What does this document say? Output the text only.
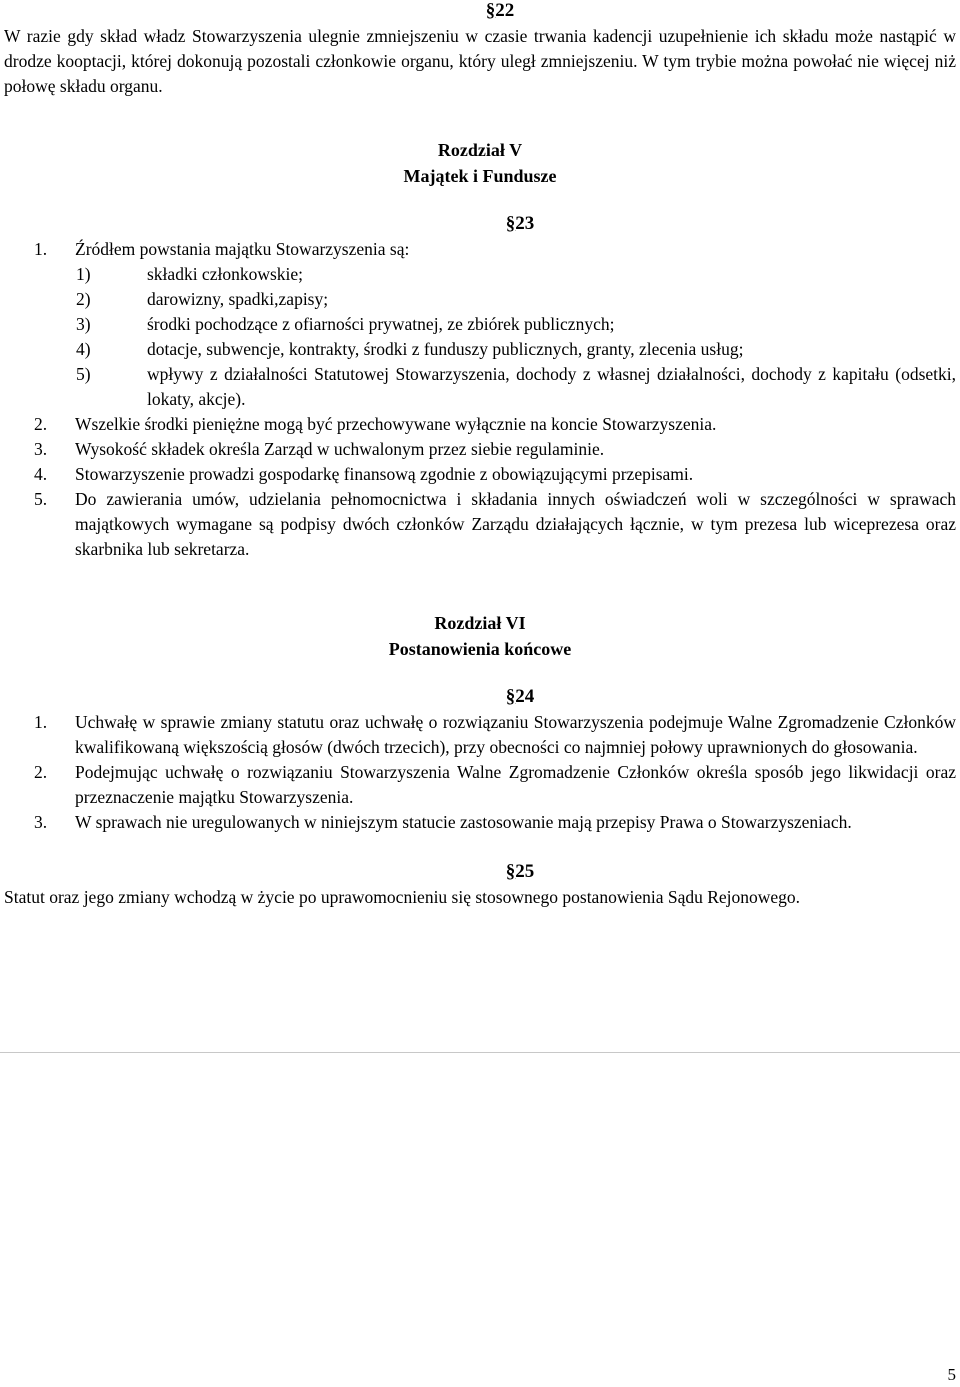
§22
W razie gdy skład władz Stowarzyszenia ulegnie zmniejszeniu w czasie trwania kadencji uzupełnienie ich składu może nastąpić w drodze kooptacji, której dokonują pozostali członkowie organu, który uległ zmniejszeniu. W tym trybie można powołać nie więcej niż połowę składu organu.
Rozdział V
Majątek i Fundusze
§23
1.	Źródłem powstania majątku Stowarzyszenia są:
1)	składki członkowskie;
2)	darowizny, spadki,zapisy;
3)	środki pochodzące z ofiarności prywatnej, ze zbiórek publicznych;
4)	dotacje, subwencje, kontrakty, środki z funduszy publicznych, granty, zlecenia usług;
5)	wpływy z działalności Statutowej Stowarzyszenia, dochody z własnej działalności, dochody z kapitału (odsetki, lokaty, akcje).
2.	Wszelkie środki pieniężne mogą być przechowywane wyłącznie na koncie Stowarzyszenia.
3.	Wysokość składek określa Zarząd w uchwalonym przez siebie regulaminie.
4.	Stowarzyszenie prowadzi gospodarkę finansową zgodnie z obowiązującymi przepisami.
5.	Do zawierania umów, udzielania pełnomocnictwa i składania innych oświadczeń woli w szczególności w sprawach majątkowych wymagane są podpisy dwóch członków Zarządu działających łącznie, w tym prezesa lub wiceprezesa oraz skarbnika lub sekretarza.
Rozdział VI
Postanowienia końcowe
§24
1.	Uchwałę w sprawie zmiany statutu oraz uchwałę o rozwiązaniu Stowarzyszenia podejmuje Walne Zgromadzenie Członków kwalifikowaną większością głosów (dwóch trzecich), przy obecności co najmniej połowy uprawnionych do głosowania.
2.	Podejmując uchwałę o rozwiązaniu Stowarzyszenia Walne Zgromadzenie Członków określa sposób jego likwidacji oraz przeznaczenie majątku Stowarzyszenia.
3.	W sprawach nie uregulowanych w niniejszym statucie zastosowanie mają przepisy Prawa o Stowarzyszeniach.
§25
Statut oraz jego zmiany wchodzą w życie po uprawomocnieniu się stosownego postanowienia Sądu Rejonowego.
5
